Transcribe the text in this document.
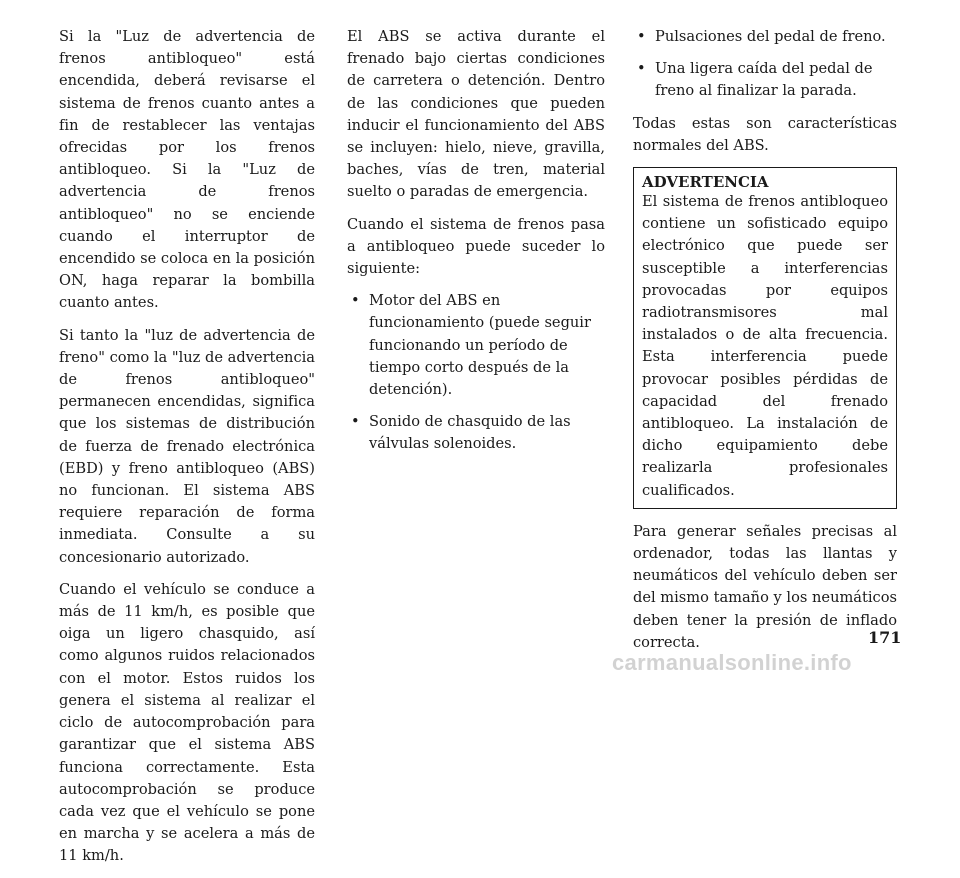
Si la "Luz de advertencia de frenos antibloqueo" está encendida, deberá revisarse el sistema de frenos cuanto antes a fin de restablecer las ventajas ofrecidas por los frenos antibloqueo. Si la "Luz de advertencia de frenos antibloqueo" no se enciende cuando el interruptor de encendido se coloca en la posición ON, haga reparar la bombilla cuanto antes.

Si tanto la "luz de advertencia de freno" como la "luz de advertencia de frenos antibloqueo" permanecen encendidas, significa que los sistemas de distribución de fuerza de frenado electrónica (EBD) y freno antibloqueo (ABS) no funcionan. El sistema ABS requiere reparación de forma inmediata. Consulte a su concesionario autorizado.

Cuando el vehículo se conduce a más de 11 km/h, es posible que oiga un ligero chasquido, así como algunos ruidos relacionados con el motor. Estos ruidos los genera el sistema al realizar el ciclo de autocomprobación para garantizar que el sistema ABS funciona correctamente. Esta autocomprobación se produce cada vez que el vehículo se pone en marcha y se acelera a más de 11 km/h.

El ABS se activa durante el frenado bajo ciertas condiciones de carretera o detención. Dentro de las condiciones que pueden inducir el funcionamiento del ABS se incluyen: hielo, nieve, gravilla, baches, vías de tren, material suelto o paradas de emergencia.

Cuando el sistema de frenos pasa a antibloqueo puede suceder lo siguiente:

• Motor del ABS en funcionamiento (puede seguir funcionando un período de tiempo corto después de la detención).
• Sonido de chasquido de las válvulas solenoides.
• Pulsaciones del pedal de freno.
• Una ligera caída del pedal de freno al finalizar la parada.

Todas estas son características normales del ABS.

ADVERTENCIA
El sistema de frenos antibloqueo contiene un sofisticado equipo electrónico que puede ser susceptible a interferencias provocadas por equipos radiotransmisores mal instalados o de alta frecuencia. Esta interferencia puede provocar posibles pérdidas de capacidad del frenado antibloqueo. La instalación de dicho equipamiento debe realizarla profesionales cualificados.

Para generar señales precisas al ordenador, todas las llantas y neumáticos del vehículo deben ser del mismo tamaño y los neumáticos deben tener la presión de inflado correcta.	171
carmanualsonline.info
